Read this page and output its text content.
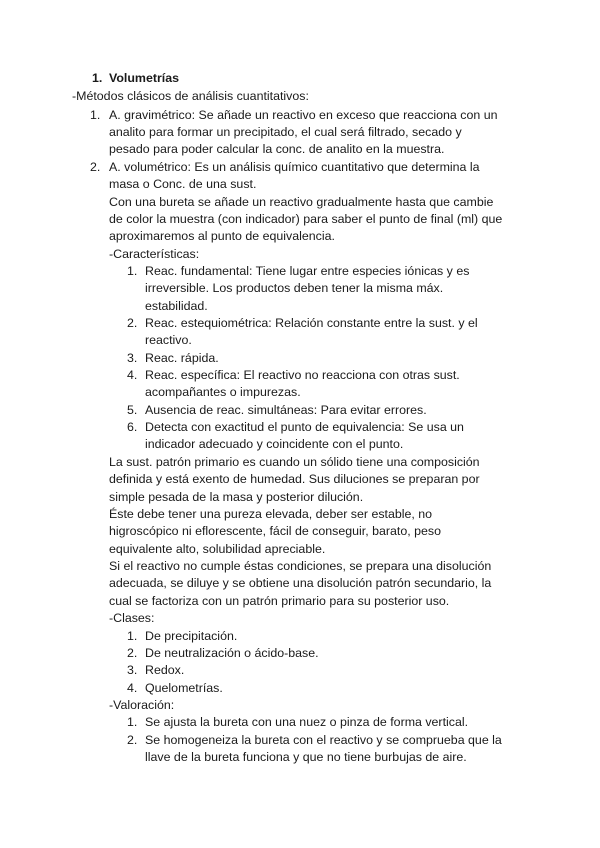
1. Volumetrías
-Métodos clásicos de análisis cuantitativos:
1. A. gravimétrico: Se añade un reactivo en exceso que reacciona con un
analito para formar un precipitado, el cual será filtrado, secado y
pesado para poder calcular la conc. de analito en la muestra.
2. A. volumétrico: Es un análisis químico cuantitativo que determina la
masa o Conc. de una sust.
Con una bureta se añade un reactivo gradualmente hasta que cambie
de color la muestra (con indicador) para saber el punto de final (ml) que
aproximaremos al punto de equivalencia.
-Características:
1. Reac. fundamental: Tiene lugar entre especies iónicas y es
irreversible. Los productos deben tener la misma máx.
estabilidad.
2. Reac. estequiométrica: Relación constante entre la sust. y el
reactivo.
3. Reac. rápida.
4. Reac. específica: El reactivo no reacciona con otras sust.
acompañantes o impurezas.
5. Ausencia de reac. simultáneas: Para evitar errores.
6. Detecta con exactitud el punto de equivalencia: Se usa un
indicador adecuado y coincidente con el punto.
La sust. patrón primario es cuando un sólido tiene una composición
definida y está exento de humedad. Sus diluciones se preparan por
simple pesada de la masa y posterior dilución.
Éste debe tener una pureza elevada, deber ser estable, no
higroscópico ni eflorescente, fácil de conseguir, barato, peso
equivalente alto, solubilidad apreciable.
Si el reactivo no cumple éstas condiciones, se prepara una disolución
adecuada, se diluye y se obtiene una disolución patrón secundario, la
cual se factoriza con un patrón primario para su posterior uso.
-Clases:
1. De precipitación.
2. De neutralización o ácido-base.
3. Redox.
4. Quelometrías.
-Valoración:
1. Se ajusta la bureta con una nuez o pinza de forma vertical.
2. Se homogeneiza la bureta con el reactivo y se comprueba que la
llave de la bureta funciona y que no tiene burbujas de aire.
